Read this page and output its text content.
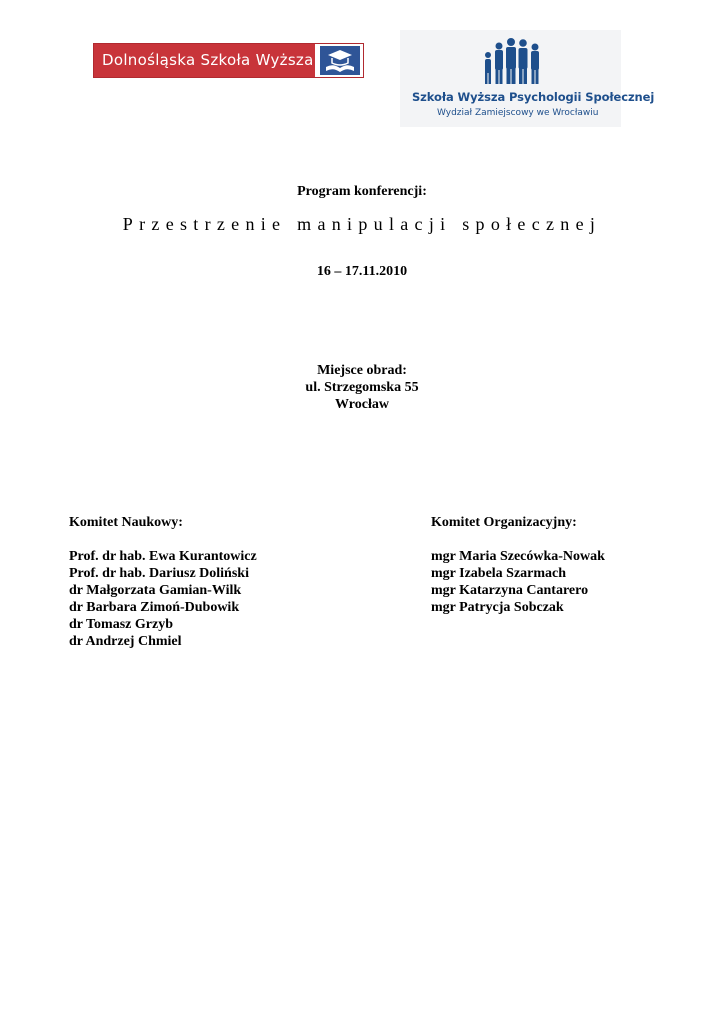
Dolnośląska Szkoła Wyższa
Szkoła Wyższa Psychologii Społecznej
Wydział Zamiejscowy we Wrocławiu
Program konferencji:
Przestrzenie manipulacji społecznej
16 – 17.11.2010
Miejsce obrad:
ul. Strzegomska 55
Wrocław
Komitet Naukowy:
Prof. dr hab. Ewa Kurantowicz
Prof. dr hab. Dariusz Doliński
dr Małgorzata Gamian-Wilk
dr Barbara Zimoń-Dubowik
dr Tomasz Grzyb
dr Andrzej Chmiel
Komitet Organizacyjny:
mgr Maria Szecówka-Nowak
mgr Izabela Szarmach
mgr Katarzyna Cantarero
mgr Patrycja Sobczak
